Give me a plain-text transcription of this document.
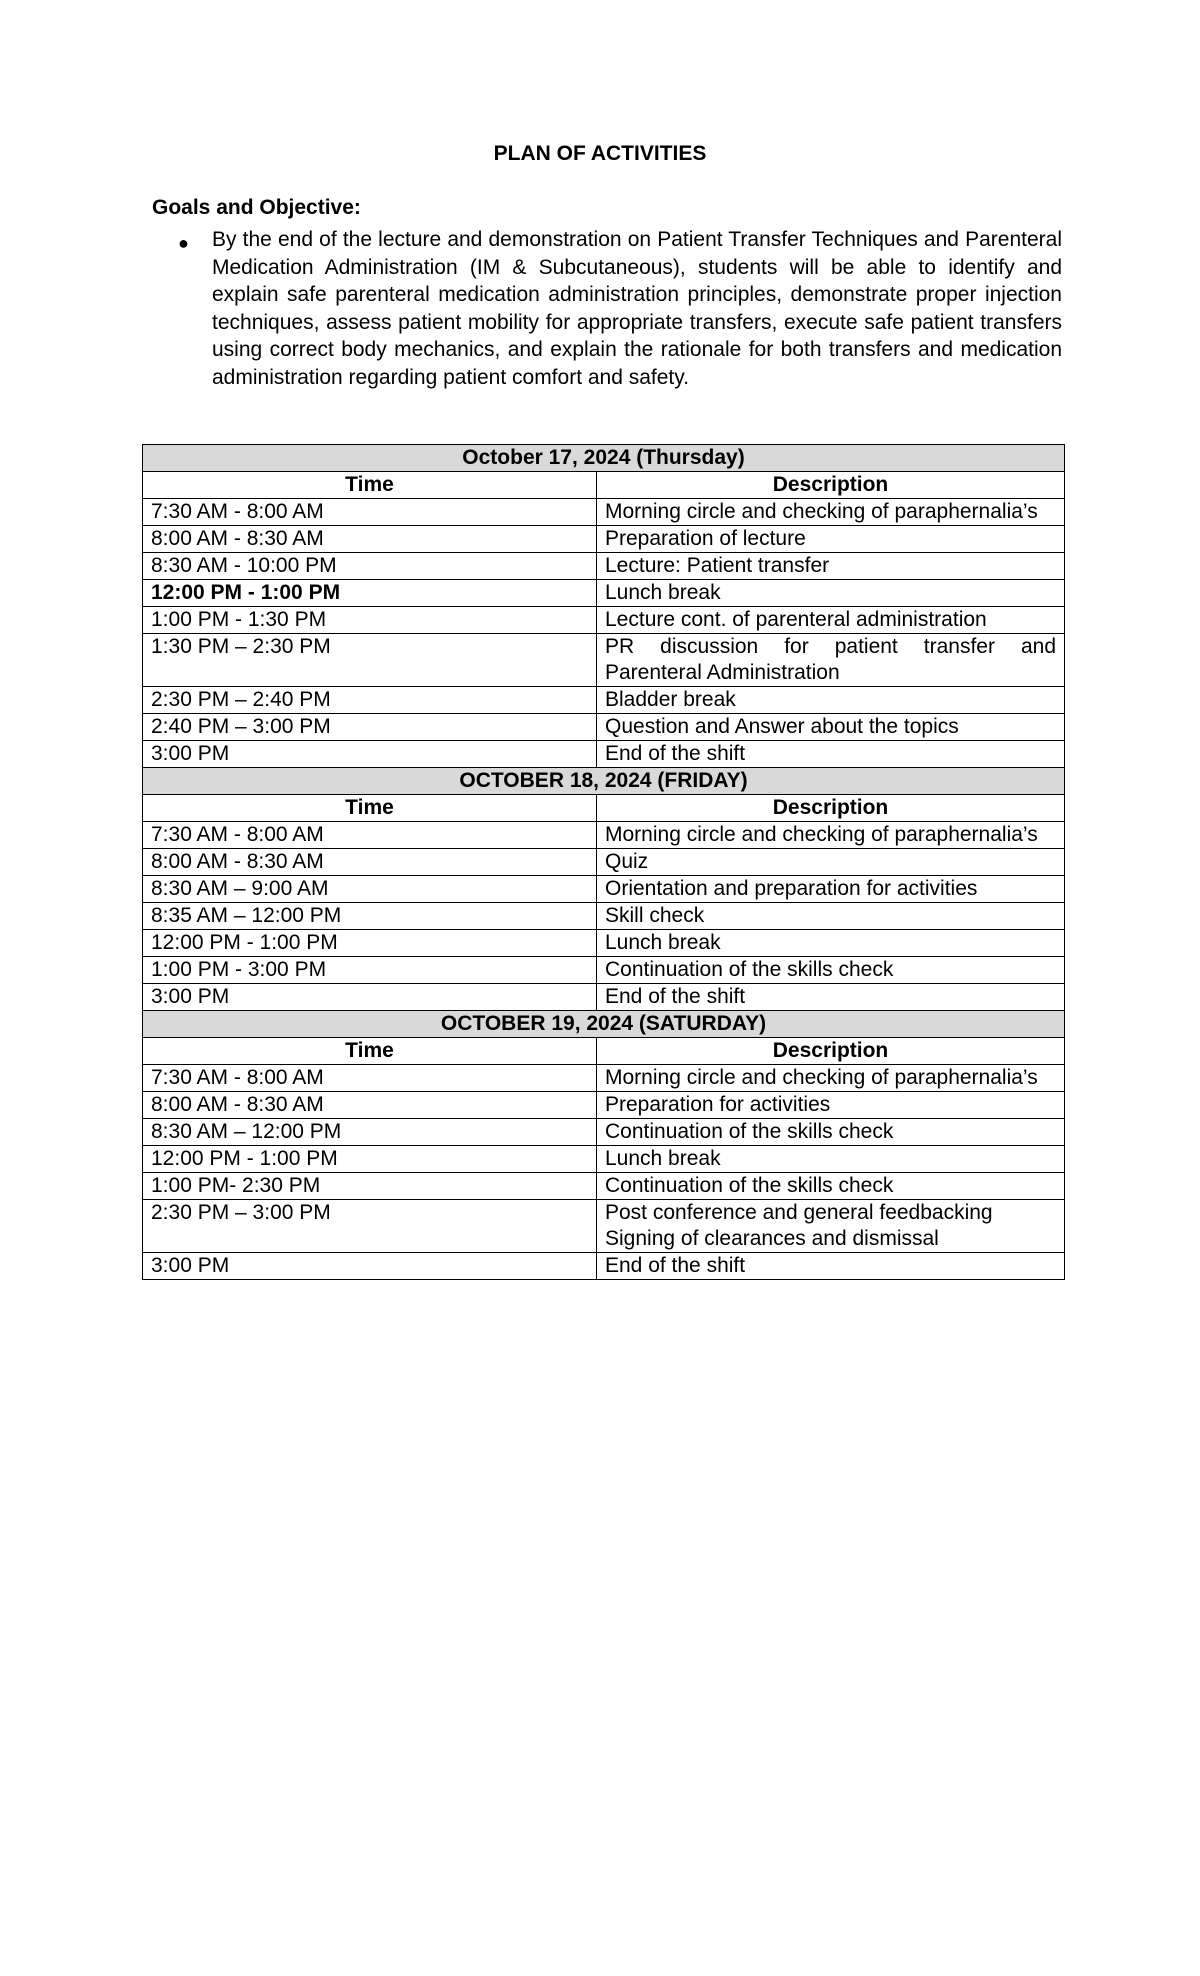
PLAN OF ACTIVITIES
Goals and Objective:
● By the end of the lecture and demonstration on Patient Transfer Techniques and Parenteral Medication Administration (IM & Subcutaneous), students will be able to identify and explain safe parenteral medication administration principles, demonstrate proper injection techniques, assess patient mobility for appropriate transfers, execute safe patient transfers using correct body mechanics, and explain the rationale for both transfers and medication administration regarding patient comfort and safety.
October 17, 2024 (Thursday)	
Time	Description
7:30 AM - 8:00 AM	Morning circle and checking of paraphernalia’s
8:00 AM - 8:30 AM	Preparation of lecture
8:30 AM - 10:00 PM	Lecture: Patient transfer
12:00 PM - 1:00 PM	Lunch break
1:00 PM - 1:30 PM	Lecture cont. of parenteral administration
1:30 PM – 2:30 PM	PR discussion for patient transfer and Parenteral Administration
2:30 PM – 2:40 PM	Bladder break
2:40 PM – 3:00 PM	Question and Answer about the topics
3:00 PM	End of the shift
OCTOBER 18, 2024 (FRIDAY)	
Time	Description
7:30 AM - 8:00 AM	Morning circle and checking of paraphernalia’s
8:00 AM - 8:30 AM	Quiz
8:30 AM – 9:00 AM	Orientation and preparation for activities
8:35 AM – 12:00 PM	Skill check
12:00 PM - 1:00 PM	Lunch break
1:00 PM - 3:00 PM	Continuation of the skills check
3:00 PM	End of the shift
OCTOBER 19, 2024 (SATURDAY)	
Time	Description
7:30 AM - 8:00 AM	Morning circle and checking of paraphernalia’s
8:00 AM - 8:30 AM	Preparation for activities
8:30 AM – 12:00 PM	Continuation of the skills check
12:00 PM - 1:00 PM	Lunch break
1:00 PM- 2:30 PM	Continuation of the skills check
2:30 PM – 3:00 PM	Post conference and general feedbacking
Signing of clearances and dismissal

3:00 PM	End of the shift
